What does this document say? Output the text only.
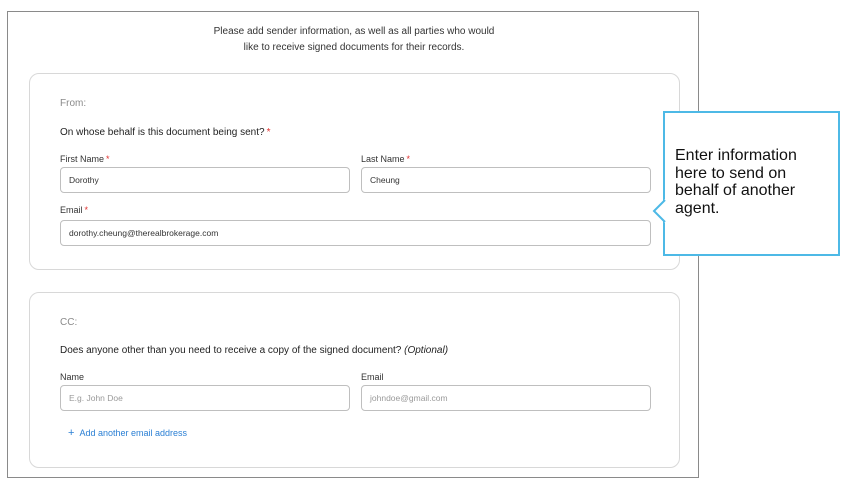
Please add sender information, as well as all parties who would
like to receive signed documents for their records.
From:
On whose behalf is this document being sent? *
First Name *
Dorothy
Last Name *
Cheung
Email *
dorothy.cheung@therealbrokerage.com
CC:
Does anyone other than you need to receive a copy of the signed document? (Optional)
Name
E.g. John Doe
Email
johndoe@gmail.com
+ Add another email address
Enter information
here to send on
behalf of another
agent.
